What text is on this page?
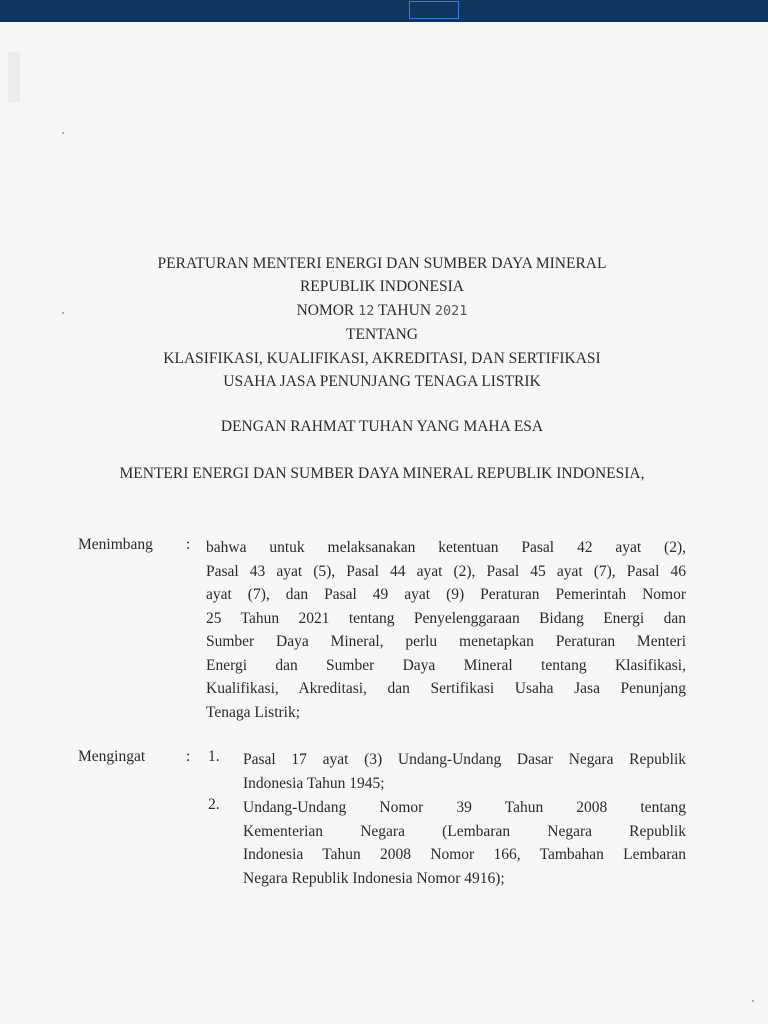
PERATURAN MENTERI ENERGI DAN SUMBER DAYA MINERAL
REPUBLIK INDONESIA
NOMOR 12 TAHUN 2021
TENTANG
KLASIFIKASI, KUALIFIKASI, AKREDITASI, DAN SERTIFIKASI
USAHA JASA PENUNJANG TENAGA LISTRIK
DENGAN RAHMAT TUHAN YANG MAHA ESA
MENTERI ENERGI DAN SUMBER DAYA MINERAL REPUBLIK INDONESIA,
Menimbang : bahwa untuk melaksanakan ketentuan Pasal 42 ayat (2),
Pasal 43 ayat (5), Pasal 44 ayat (2), Pasal 45 ayat (7), Pasal 46
ayat (7), dan Pasal 49 ayat (9) Peraturan Pemerintah Nomor
25 Tahun 2021 tentang Penyelenggaraan Bidang Energi dan
Sumber Daya Mineral, perlu menetapkan Peraturan Menteri
Energi dan Sumber Daya Mineral tentang Klasifikasi,
Kualifikasi, Akreditasi, dan Sertifikasi Usaha Jasa Penunjang
Tenaga Listrik;
Mengingat	: 1. Pasal 17 ayat (3) Undang-Undang Dasar Negara Republik
Indonesia Tahun 1945;
2. Undang-Undang Nomor 39 Tahun 2008 tentang
Kementerian Negara (Lembaran Negara Republik
Indonesia Tahun 2008 Nomor 166, Tambahan Lembaran
Negara Republik Indonesia Nomor 4916);
